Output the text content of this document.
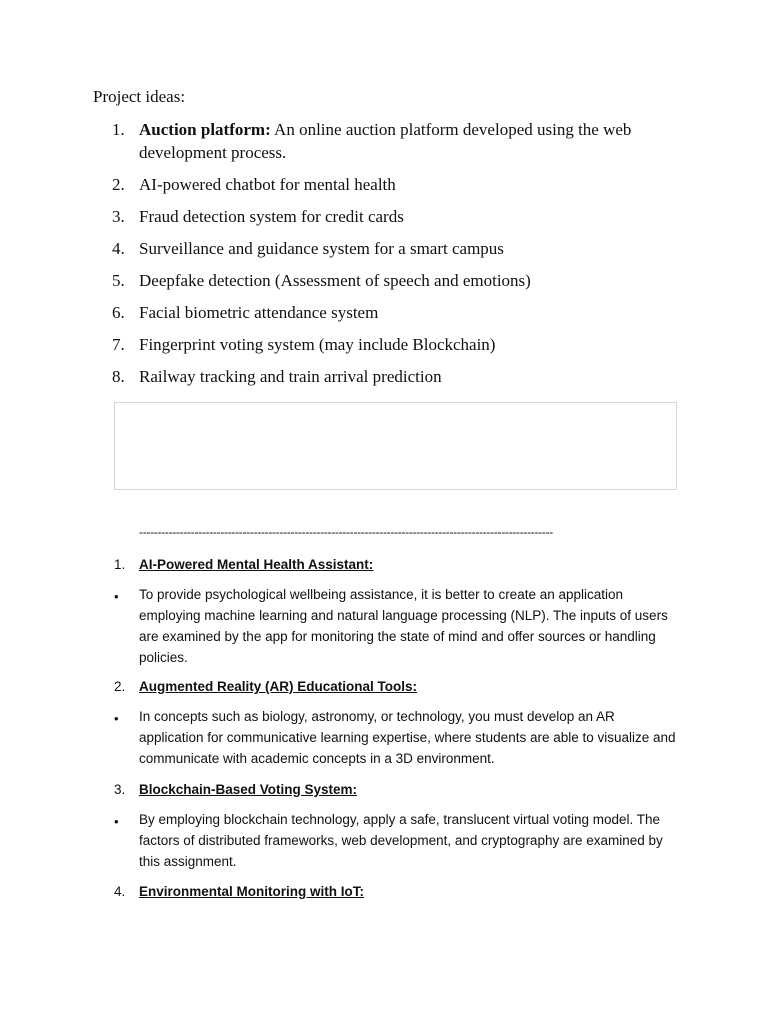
Project ideas:
1. Auction platform: An online auction platform developed using the web development process.
2. AI-powered chatbot for mental health
3. Fraud detection system for credit cards
4. Surveillance and guidance system for a smart campus
5. Deepfake detection (Assessment of speech and emotions)
6. Facial biometric attendance system
7. Fingerprint voting system (may include Blockchain)
8. Railway tracking and train arrival prediction
----------------------------------------------------------------------------------------------------------------
1. AI-Powered Mental Health Assistant:
• To provide psychological wellbeing assistance, it is better to create an application employing machine learning and natural language processing (NLP). The inputs of users are examined by the app for monitoring the state of mind and offer sources or handling policies.
2. Augmented Reality (AR) Educational Tools:
• In concepts such as biology, astronomy, or technology, you must develop an AR application for communicative learning expertise, where students are able to visualize and communicate with academic concepts in a 3D environment.
3. Blockchain-Based Voting System:
• By employing blockchain technology, apply a safe, translucent virtual voting model. The factors of distributed frameworks, web development, and cryptography are examined by this assignment.
4. Environmental Monitoring with IoT:
